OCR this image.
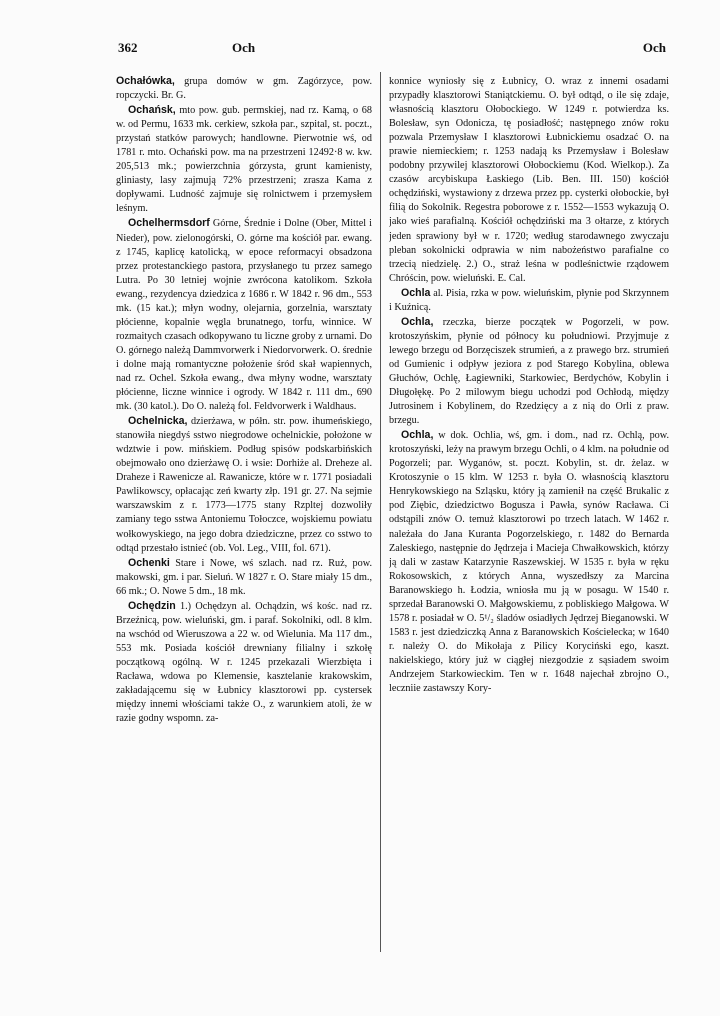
362	Och	Och

Ochałówka, grupa domów w gm. Zagórzyce, pow. ropczycki. Br. G.

Ochańsk, mto pow. gub. permskiej, nad rz. Kamą, o 68 w. od Permu, 1633 mk. cerkiew, szkoła par., szpital, st. poczt., przystań statków parowych; handlowne. Pierwotnie wś, od 1781 r. mto. Ochański pow. ma na przestrzeni 12492·8 w. kw. 205,513 mk.; powierzchnia górzysta, grunt kamienisty, gliniasty, lasy zajmują 72% przestrzeni; zrasza Kama z dopływami. Ludność zajmuje się rolnictwem i przemysłem leśnym.

Ochelhermsdorf Górne, Średnie i Dolne (Ober, Mittel i Nieder), pow. zielonogórski, O. górne ma kościół par. ewang. z 1745, kaplicę katolicką, w epoce reformacyi obsadzona przez protestanckiego pastora, przysłanego tu przez samego Lutra. Po 30 letniej wojnie zwrócona katolikom. Szkoła ewang., rezydencya dziedzica z 1686 r. W 1842 r. 96 dm., 553 mk. (15 kat.); młyn wodny, olejarnia, gorzelnia, warsztaty płócienne, kopalnie węgla brunatnego, torfu, winnice. W rozmaitych czasach odkopywano tu liczne groby z urnami. Do O. górnego należą Dammvorwerk i Niedorvorwerk. O. średnie i dolne mają romantyczne położenie śród skał wapiennych, nad rz. Ochel. Szkoła ewang., dwa młyny wodne, warsztaty płócienne, liczne winnice i ogrody. W 1842 r. 111 dm., 690 mk. (30 katol.). Do O. należą fol. Feldvorwerk i Waldhaus.

Ochelnicka, dzierżawa, w półn. str. pow. ihumeńskiego, stanowiła niegdyś sstwo niegrodowe ochelnickie, położone w wdztwie i pow. mińskiem. Podług spisów podskarbińskich obejmowało ono dzierżawę O. i wsie: Dorhiże al. Dreheze al. Draheze i Rawenicze al. Rawanicze, które w r. 1771 posiadali Pawlikowscy, opłacając zeń kwarty złp. 191 gr. 27. Na sejmie warszawskim z r. 1773—1775 stany Rzpltej dozwoliły zamiany tego sstwa Antoniemu Tołoczce, wojskiemu powiatu wołkowyskiego, na jego dobra dziedziczne, przez co sstwo to odtąd przestało istnieć (ob. Vol. Leg., VIII, fol. 671).

Ochenki Stare i Nowe, wś szlach. nad rz. Ruż, pow. makowski, gm. i par. Sieluń. W 1827 r. O. Stare miały 15 dm., 66 mk.; O. Nowe 5 dm., 18 mk.

Ochędzin 1.) Ochędzyn al. Ochądzin, wś kośc. nad rz. Brzeźnicą, pow. wieluński, gm. i paraf. Sokolniki, odl. 8 klm. na wschód od Wieruszowa a 22 w. od Wielunia. Ma 117 dm., 553 mk. Posiada kościół drewniany filialny i szkołę początkową ogólną. W r. 1245 przekazali Wierzbięta i Racława, wdowa po Klemensie, kasztelanie krakowskim, zakładającemu się w Łubnicy klasztorowi pp. cystersek między innemi włościami także O., z warunkiem atoli, że w razie godny wspomn. za-

konnice wyniosły się z Łubnicy, O. wraz z innemi osadami przypadły klasztorowi Staniątckiemu. O. był odtąd, o ile się zdaje, własnością klasztoru Ołobockiego. W 1249 r. potwierdza ks. Bolesław, syn Odonicza, tę posiadłość; następnego znów roku pozwala Przemysław I klasztorowi Łubnickiemu osadzać O. na prawie niemieckiem; r. 1253 nadają ks Przemysław i Bolesław podobny przywilej klasztorowi Ołobockiemu (Kod. Wielkop.). Za czasów arcybiskupa Łaskiego (Lib. Ben. III. 150) kościół ochędziński, wystawiony z drzewa przez pp. cysterki ołobockie, był filią do Sokolnik. Regestra poborowe z r. 1552—1553 wykazują O. jako wieś parafialną. Kościół ochędziński ma 3 ołtarze, z których jeden sprawiony był w r. 1720; według starodawnego zwyczaju pleban sokolnicki odprawia w nim nabożeństwo parafialne co trzecią niedzielę. 2.) O., straż leśna w podleśnictwie rządowem Chróścin, pow. wieluński. E. Cal.

Ochla al. Pisia, rzka w pow. wieluńskim, płynie pod Skrzynnem i Kuźnicą.

Ochla, rzeczka, bierze początek w Pogorzeli, w pow. krotoszyńskim, płynie od północy ku południowi. Przyjmuje z lewego brzegu od Borzęciszek strumień, a z prawego brz. strumień od Gumienic i odpływ jeziora z pod Starego Kobylina, oblewa Głuchów, Ochlę, Łagiewniki, Starkowiec, Berdychów, Kobylin i Długołękę. Po 2 milowym biegu uchodzi pod Ochłodą, między Jutrosinem i Kobylinem, do Rzedzięcy a z nią do Orli z praw. brzegu.

Ochla, w dok. Ochlia, wś, gm. i dom., nad rz. Ochlą, pow. krotoszyński, leży na prawym brzegu Ochli, o 4 klm. na południe od Pogorzeli; par. Wyganów, st. poczt. Kobylin, st. dr. żelaz. w Krotoszynie o 15 klm. W 1253 r. była O. własnością klasztoru Henrykowskiego na Szląsku, który ją zamienił na część Brukalic z pod Ziębic, dziedzictwo Bogusza i Pawła, synów Racława. Ci odstąpili znów O. temuż klasztorowi po trzech latach. W 1462 r. należała do Jana Kuranta Pogorzelskiego, r. 1482 do Bernarda Zaleskiego, następnie do Jędrzeja i Macieja Chwałkowskich, którzy ją dali w zastaw Katarzynie Raszewskiej. W 1535 r. była w ręku Rokosowskich, z których Anna, wyszedłszy za Marcina Baranowskiego h. Łodzia, wniosła mu ją w posagu. W 1540 r. sprzedał Baranowski O. Małgowskiemu, z pobliskiego Małgowa. W 1578 r. posiadał w O. 5¹/₂ śladów osiadłych Jędrzej Bieganowski. W 1583 r. jest dziedziczką Anna z Baranowskich Kościelecka; w 1640 r. należy O. do Mikołaja z Pilicy Koryciński ego, kaszt. nakielskiego, który już w ciągłej niezgodzie z sąsiadem swoim Andrzejem Starkowieckim. Ten w r. 1648 najechał zbrojno O., leczniie zastawszy Kory-
